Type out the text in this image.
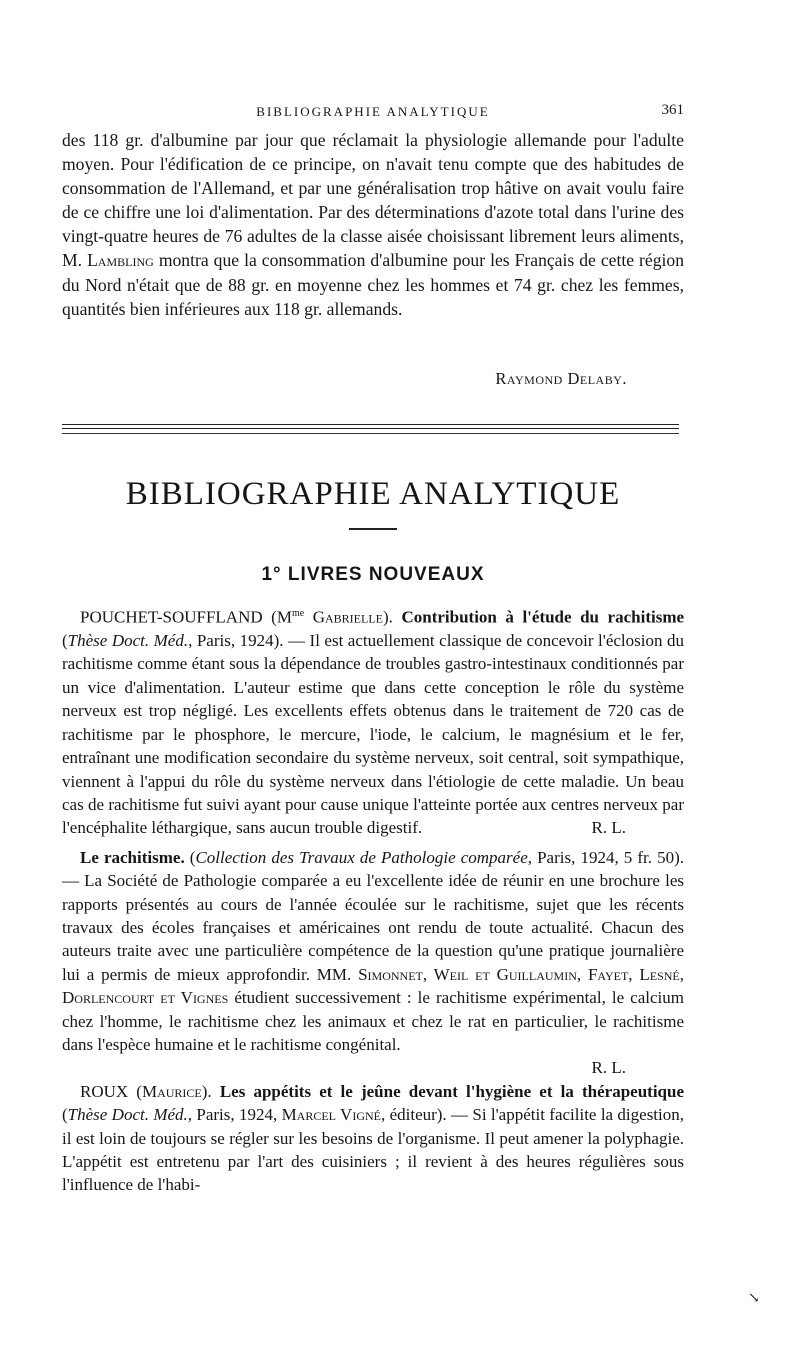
BIBLIOGRAPHIE ANALYTIQUE	361
des 118 gr. d'albumine par jour que réclamait la physiologie allemande pour l'adulte moyen. Pour l'édification de ce principe, on n'avait tenu compte que des habitudes de consommation de l'Allemand, et par une généralisation trop hâtive on avait voulu faire de ce chiffre une loi d'alimentation. Par des déterminations d'azote total dans l'urine des vingt-quatre heures de 76 adultes de la classe aisée choisissant librement leurs aliments, M. Lambling montra que la consommation d'albumine pour les Français de cette région du Nord n'était que de 88 gr. en moyenne chez les hommes et 74 gr. chez les femmes, quantités bien inférieures aux 118 gr. allemands.
Raymond Delaby.
BIBLIOGRAPHIE ANALYTIQUE
1° LIVRES NOUVEAUX

POUCHET-SOUFFLAND ($M^{me}$ Gabrielle). Contribution à l'étude du rachitisme (Thèse Doct. Méd., Paris, 1924). — Il est actuellement classique de concevoir l'éclosion du rachitisme comme étant sous la dépendance de troubles gastro-intestinaux conditionnés par un vice d'alimentation. L'auteur estime que dans cette conception le rôle du système nerveux est trop négligé. Les excellents effets obtenus dans le traitement de 720 cas de rachitisme par le phosphore, le mercure, l'iode, le calcium, le magnésium et le fer, entraînant une modification secondaire du système nerveux, soit central, soit sympathique, viennent à l'appui du rôle du système nerveux dans l'étiologie de cette maladie. Un beau cas de rachitisme fut suivi ayant pour cause unique l'atteinte portée aux centres nerveux par l'encéphalite léthargique, sans aucun trouble digestif.	R. L.

Le rachitisme. (Collection des Travaux de Pathologie comparée, Paris, 1924, 5 fr. 50). — La Société de Pathologie comparée a eu l'excellente idée de réunir en une brochure les rapports présentés au cours de l'année écoulée sur le rachitisme, sujet que les récents travaux des écoles françaises et américaines ont rendu de toute actualité. Chacun des auteurs traite avec une particulière compétence de la question qu'une pratique journalière lui a permis de mieux approfondir. MM. Simonnet, Weil et Guillaumin, Fayet, Lesné, Dorlencourt et Vignes étudient successivement : le rachitisme expérimental, le calcium chez l'homme, le rachitisme chez les animaux et chez le rat en particulier, le rachitisme dans l'espèce humaine et le rachitisme congénital.

R. L.

ROUX (Maurice). Les appétits et le jeûne devant l'hygiène et la thérapeutique (Thèse Doct. Méd., Paris, 1924, Marcel Vigné, éditeur). — Si l'appétit facilite la digestion, il est loin de toujours se régler sur les besoins de l'organisme. Il peut amener la polyphagie. L'appétit est entretenu par l'art des cuisiniers ; il revient à des heures régulières sous l'influence de l'habi-

↘
